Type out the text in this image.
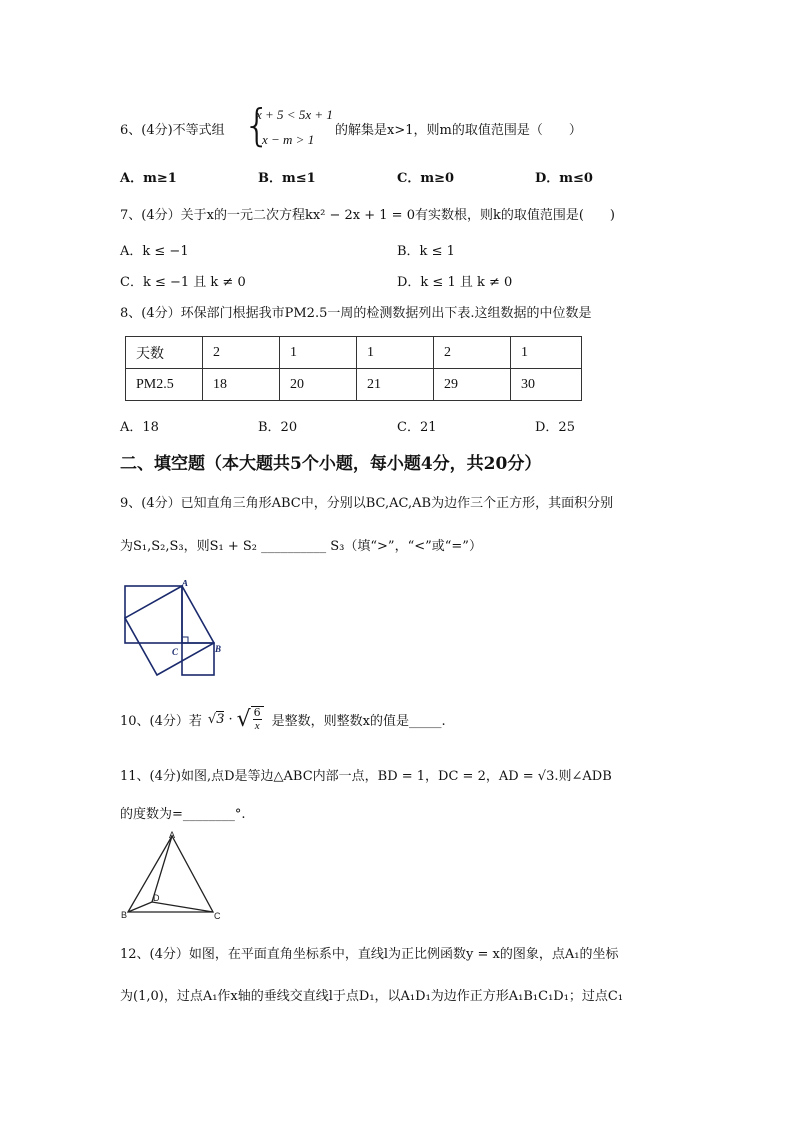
6、(4分)不等式组 {
x + 5 < 5x + 1
x − m > 1
的解集是x>1，则m的取值范围是（　　）
A．m≥1	B．m≤1	C．m≥0	D．m≤0
7、(4分）关于x的一元二次方程kx² − 2x + 1 = 0有实数根，则k的取值范围是(　　)
A．k ≤ −1	B．k ≤ 1
C．k ≤ −1 且 k ≠ 0	D．k ≤ 1 且 k ≠ 0
8、(4分）环保部门根据我市PM2.5一周的检测数据列出下表.这组数据的中位数是
天数	2	1	1	2	1
PM2.5	18	20	21	29	30
A．18	B．20	C．21	D．25
二、填空题（本大题共5个小题，每小题4分，共20分）
9、(4分）已知直角三角形ABC中，分别以BC,AC,AB为边作三个正方形，其面积分别
为S₁,S₂,S₃，则S₁ + S₂ __________ S₃（填“>”，“<”或“=”）
A
B
C
10、(4分）若 √ 3 · √ $\frac{6}{x}$ 是整数，则整数x的值是_____.
11、(4分)如图,点D是等边△ABC内部一点，BD = 1，DC = 2，AD = √3.则∠ADB
的度数为=________°.
A
B	C
D
12、(4分）如图，在平面直角坐标系中，直线l为正比例函数y = x的图象，点A₁的坐标
为(1,0)，过点A₁作x轴的垂线交直线l于点D₁，以A₁D₁为边作正方形A₁B₁C₁D₁；过点C₁
